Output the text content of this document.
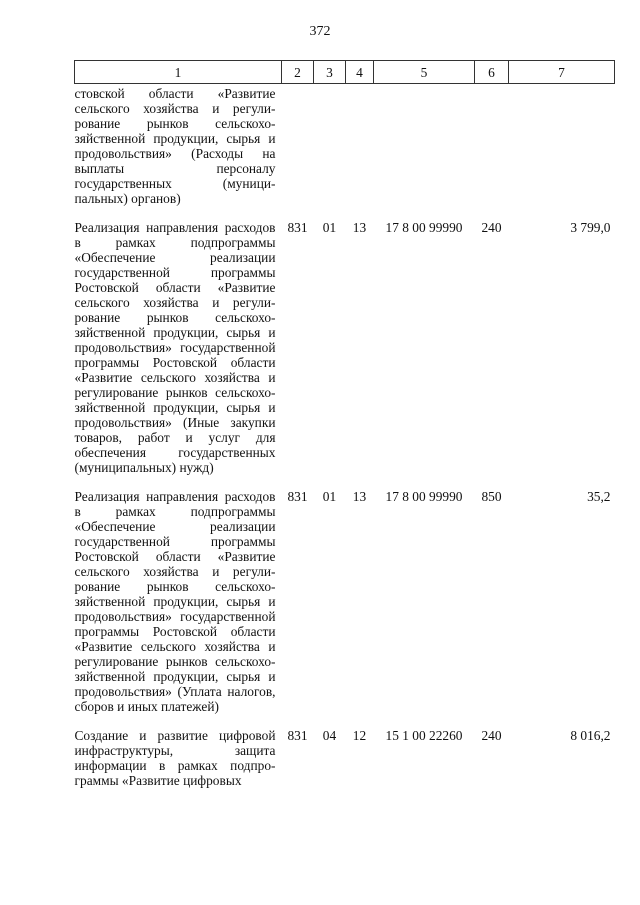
372
1	2	3	4	5	6	7
стовской области «Развитие сельского хозяйства и регулирование рынков сельскохозяйственной продукции, сырья и продовольствия» (Расходы на выплаты персоналу государственных (муниципальных) органов)						
Реализация направления расходов в рамках подпрограммы «Обеспечение реализации государственной программы Ростовской области «Развитие сельского хозяйства и регулирование рынков сельскохозяйственной продукции, сырья и продовольствия» государственной программы Ростовской области «Развитие сельского хозяйства и регулирование рынков сельскохозяйственной продукции, сырья и продовольствия» (Иные закупки товаров, работ и услуг для обеспечения государственных (муниципальных) нужд)	831	01	13	17 8 00 99990	240	3 799,0
Реализация направления расходов в рамках подпрограммы «Обеспечение реализации государственной программы Ростовской области «Развитие сельского хозяйства и регулирование рынков сельскохозяйственной продукции, сырья и продовольствия» государственной программы Ростовской области «Развитие сельского хозяйства и регулирование рынков сельскохозяйственной продукции, сырья и продовольствия» (Уплата налогов, сборов и иных платежей)	831	01	13	17 8 00 99990	850	35,2
Создание и развитие цифровой инфраструктуры, защита информации в рамках подпрограммы «Развитие цифровых	831	04	12	15 1 00 22260	240	8 016,2
